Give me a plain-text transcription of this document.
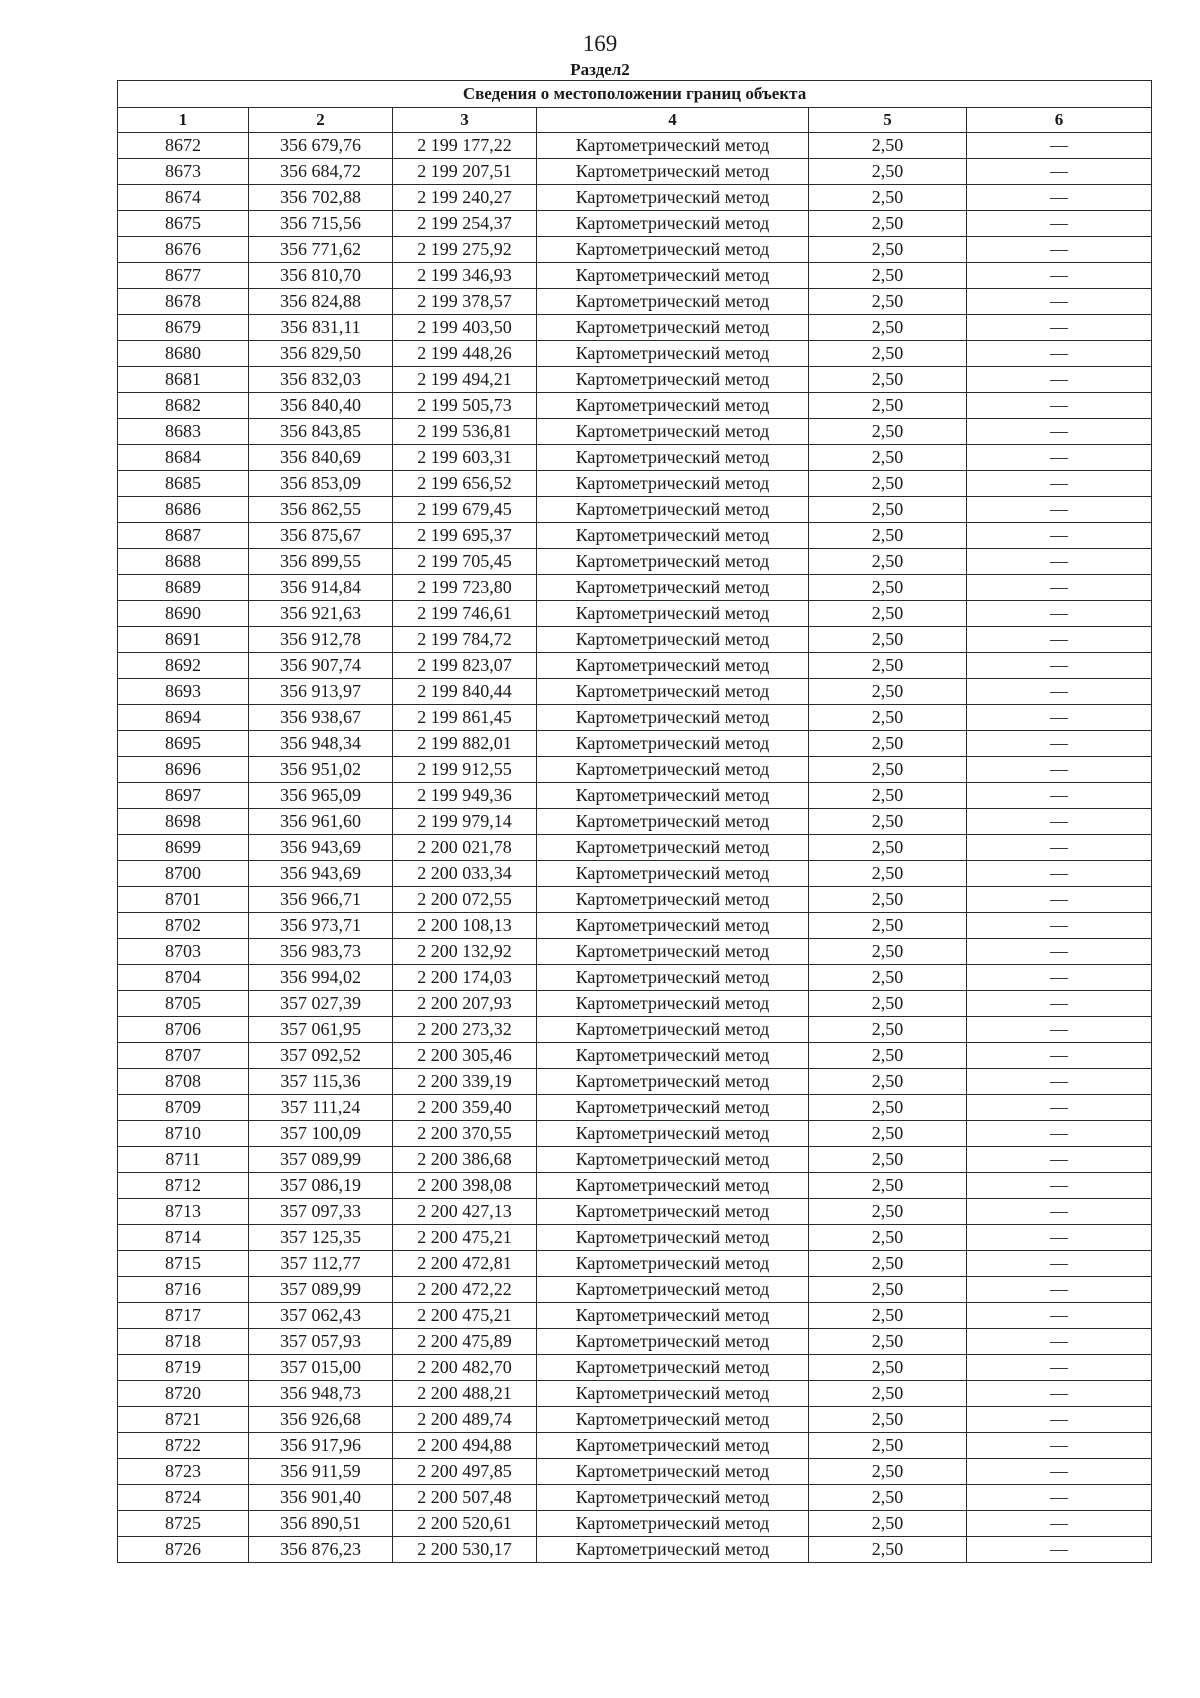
169
Раздел2
Сведения о местоположении границ объекта					
1	2	3	4	5	6
8672	356 679,76	2 199 177,22	Картометрический метод	2,50	—
8673	356 684,72	2 199 207,51	Картометрический метод	2,50	—
8674	356 702,88	2 199 240,27	Картометрический метод	2,50	—
8675	356 715,56	2 199 254,37	Картометрический метод	2,50	—
8676	356 771,62	2 199 275,92	Картометрический метод	2,50	—
8677	356 810,70	2 199 346,93	Картометрический метод	2,50	—
8678	356 824,88	2 199 378,57	Картометрический метод	2,50	—
8679	356 831,11	2 199 403,50	Картометрический метод	2,50	—
8680	356 829,50	2 199 448,26	Картометрический метод	2,50	—
8681	356 832,03	2 199 494,21	Картометрический метод	2,50	—
8682	356 840,40	2 199 505,73	Картометрический метод	2,50	—
8683	356 843,85	2 199 536,81	Картометрический метод	2,50	—
8684	356 840,69	2 199 603,31	Картометрический метод	2,50	—
8685	356 853,09	2 199 656,52	Картометрический метод	2,50	—
8686	356 862,55	2 199 679,45	Картометрический метод	2,50	—
8687	356 875,67	2 199 695,37	Картометрический метод	2,50	—
8688	356 899,55	2 199 705,45	Картометрический метод	2,50	—
8689	356 914,84	2 199 723,80	Картометрический метод	2,50	—
8690	356 921,63	2 199 746,61	Картометрический метод	2,50	—
8691	356 912,78	2 199 784,72	Картометрический метод	2,50	—
8692	356 907,74	2 199 823,07	Картометрический метод	2,50	—
8693	356 913,97	2 199 840,44	Картометрический метод	2,50	—
8694	356 938,67	2 199 861,45	Картометрический метод	2,50	—
8695	356 948,34	2 199 882,01	Картометрический метод	2,50	—
8696	356 951,02	2 199 912,55	Картометрический метод	2,50	—
8697	356 965,09	2 199 949,36	Картометрический метод	2,50	—
8698	356 961,60	2 199 979,14	Картометрический метод	2,50	—
8699	356 943,69	2 200 021,78	Картометрический метод	2,50	—
8700	356 943,69	2 200 033,34	Картометрический метод	2,50	—
8701	356 966,71	2 200 072,55	Картометрический метод	2,50	—
8702	356 973,71	2 200 108,13	Картометрический метод	2,50	—
8703	356 983,73	2 200 132,92	Картометрический метод	2,50	—
8704	356 994,02	2 200 174,03	Картометрический метод	2,50	—
8705	357 027,39	2 200 207,93	Картометрический метод	2,50	—
8706	357 061,95	2 200 273,32	Картометрический метод	2,50	—
8707	357 092,52	2 200 305,46	Картометрический метод	2,50	—
8708	357 115,36	2 200 339,19	Картометрический метод	2,50	—
8709	357 111,24	2 200 359,40	Картометрический метод	2,50	—
8710	357 100,09	2 200 370,55	Картометрический метод	2,50	—
8711	357 089,99	2 200 386,68	Картометрический метод	2,50	—
8712	357 086,19	2 200 398,08	Картометрический метод	2,50	—
8713	357 097,33	2 200 427,13	Картометрический метод	2,50	—
8714	357 125,35	2 200 475,21	Картометрический метод	2,50	—
8715	357 112,77	2 200 472,81	Картометрический метод	2,50	—
8716	357 089,99	2 200 472,22	Картометрический метод	2,50	—
8717	357 062,43	2 200 475,21	Картометрический метод	2,50	—
8718	357 057,93	2 200 475,89	Картометрический метод	2,50	—
8719	357 015,00	2 200 482,70	Картометрический метод	2,50	—
8720	356 948,73	2 200 488,21	Картометрический метод	2,50	—
8721	356 926,68	2 200 489,74	Картометрический метод	2,50	—
8722	356 917,96	2 200 494,88	Картометрический метод	2,50	—
8723	356 911,59	2 200 497,85	Картометрический метод	2,50	—
8724	356 901,40	2 200 507,48	Картометрический метод	2,50	—
8725	356 890,51	2 200 520,61	Картометрический метод	2,50	—
8726	356 876,23	2 200 530,17	Картометрический метод	2,50	—
